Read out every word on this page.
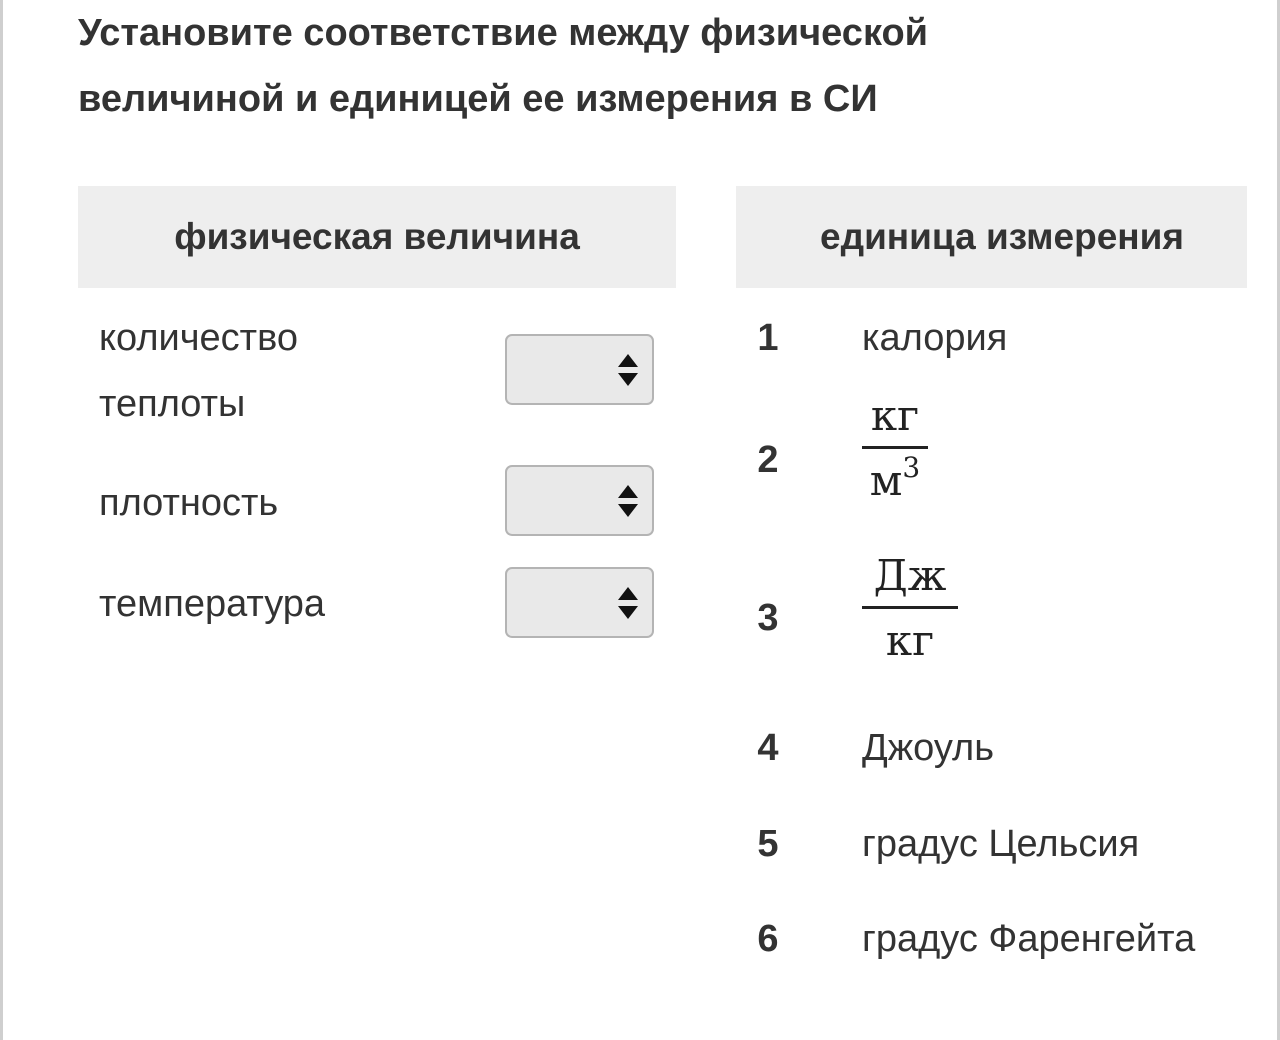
Установите соответствие между физической
величиной и единицей ее измерения в СИ
физическая величина	единица измерения
количество
теплоты
плотность
температура
1 калория
2
кг
$м^3$
3
Дж
кг
4 Джоуль
5 градус Цельсия
6 градус Фаренгейта
